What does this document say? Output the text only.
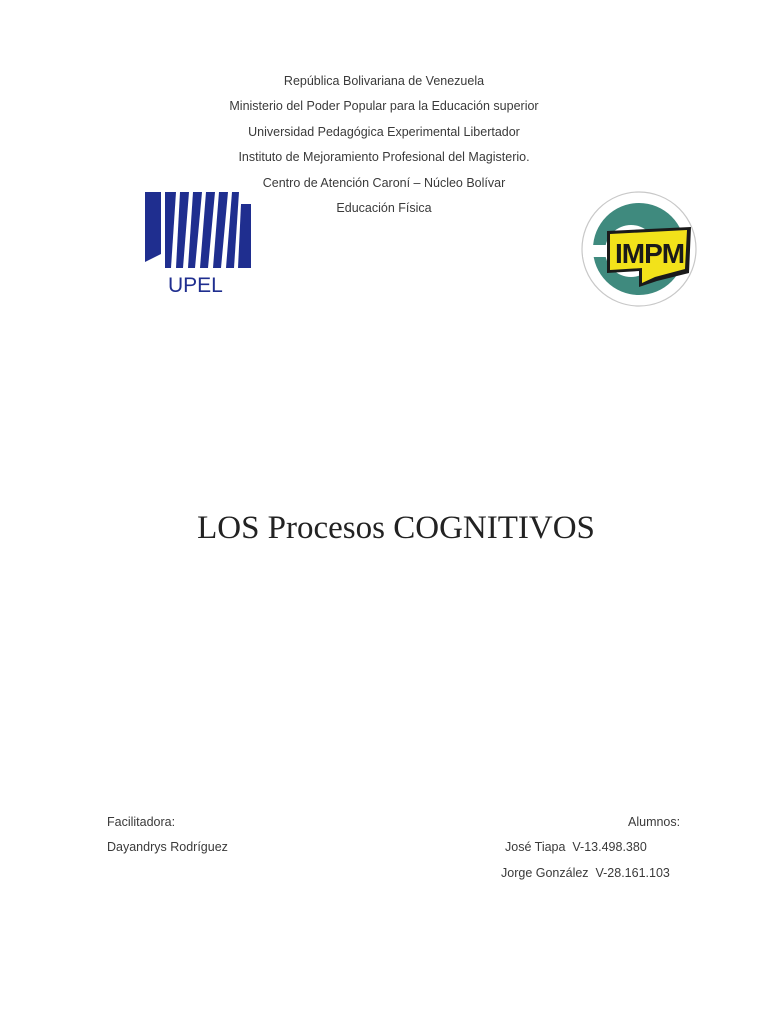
República Bolivariana de Venezuela
Ministerio del Poder Popular para la Educación superior
Universidad Pedagógica Experimental Libertador
Instituto de Mejoramiento Profesional del Magisterio.
Centro de Atención Caroní – Núcleo Bolívar
Educación Física
UPEL
IMPM
LOS Procesos COGNITIVOS
Facilitadora:
Dayandrys Rodríguez
Alumnos:
José Tiapa  V-13.498.380
Jorge González  V-28.161.103
